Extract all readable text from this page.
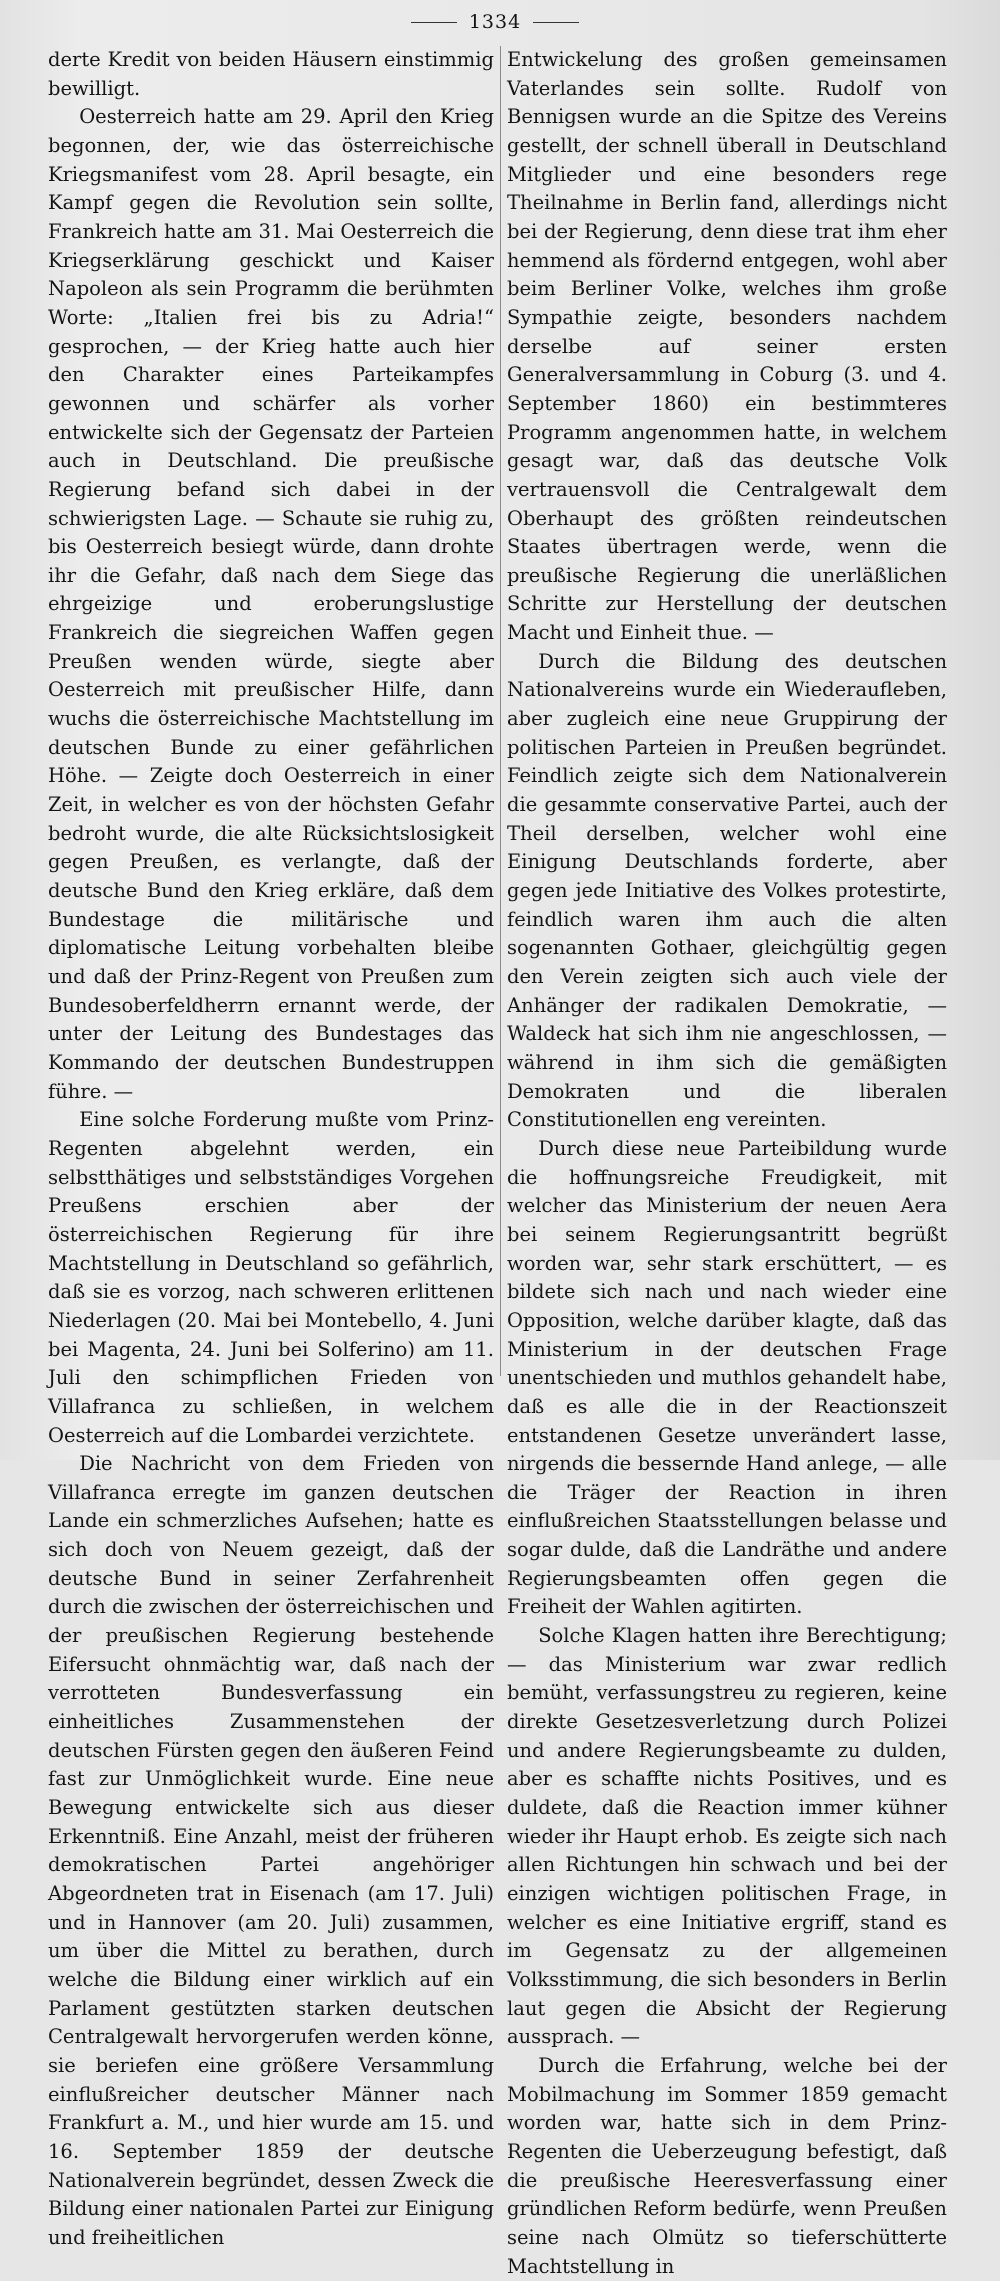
1334

derte Kredit von beiden Häusern einstimmig bewilligt.

Oesterreich hatte am 29. April den Krieg begonnen, der, wie das österreichische Kriegsmanifest vom 28. April besagte, ein Kampf gegen die Revolution sein sollte, Frankreich hatte am 31. Mai Oesterreich die Kriegserklärung geschickt und Kaiser Napoleon als sein Programm die berühmten Worte: „Italien frei bis zu Adria!“ gesprochen, — der Krieg hatte auch hier den Charakter eines Parteikampfes gewonnen und schärfer als vorher entwickelte sich der Gegensatz der Parteien auch in Deutschland. Die preußische Regierung befand sich dabei in der schwierigsten Lage. — Schaute sie ruhig zu, bis Oesterreich besiegt würde, dann drohte ihr die Gefahr, daß nach dem Siege das ehrgeizige und eroberungslustige Frankreich die siegreichen Waffen gegen Preußen wenden würde, siegte aber Oesterreich mit preußischer Hilfe, dann wuchs die österreichische Machtstellung im deutschen Bunde zu einer gefährlichen Höhe. — Zeigte doch Oesterreich in einer Zeit, in welcher es von der höchsten Gefahr bedroht wurde, die alte Rücksichtslosigkeit gegen Preußen, es verlangte, daß der deutsche Bund den Krieg erkläre, daß dem Bundestage die militärische und diplomatische Leitung vorbehalten bleibe und daß der Prinz-Regent von Preußen zum Bundesoberfeldherrn ernannt werde, der unter der Leitung des Bundestages das Kommando der deutschen Bundestruppen führe. —

Eine solche Forderung mußte vom Prinz-Regenten abgelehnt werden, ein selbstthätiges und selbstständiges Vorgehen Preußens erschien aber der österreichischen Regierung für ihre Machtstellung in Deutschland so gefährlich, daß sie es vorzog, nach schweren erlittenen Niederlagen (20. Mai bei Montebello, 4. Juni bei Magenta, 24. Juni bei Solferino) am 11. Juli den schimpflichen Frieden von Villafranca zu schließen, in welchem Oesterreich auf die Lombardei verzichtete.

Die Nachricht von dem Frieden von Villafranca erregte im ganzen deutschen Lande ein schmerzliches Aufsehen; hatte es sich doch von Neuem gezeigt, daß der deutsche Bund in seiner Zerfahrenheit durch die zwischen der österreichischen und der preußischen Regierung bestehende Eifersucht ohnmächtig war, daß nach der verrotteten Bundesverfassung ein einheitliches Zusammenstehen der deutschen Fürsten gegen den äußeren Feind fast zur Unmöglichkeit wurde. Eine neue Bewegung entwickelte sich aus dieser Erkenntniß. Eine Anzahl, meist der früheren demokratischen Partei angehöriger Abgeordneten trat in Eisenach (am 17. Juli) und in Hannover (am 20. Juli) zusammen, um über die Mittel zu berathen, durch welche die Bildung einer wirklich auf ein Parlament gestützten starken deutschen Centralgewalt hervorgerufen werden könne, sie beriefen eine größere Versammlung einflußreicher deutscher Männer nach Frankfurt a. M., und hier wurde am 15. und 16. September 1859 der deutsche Nationalverein begründet, dessen Zweck die Bildung einer nationalen Partei zur Einigung und freiheitlichen

Entwickelung des großen gemeinsamen Vaterlandes sein sollte. Rudolf von Bennigsen wurde an die Spitze des Vereins gestellt, der schnell überall in Deutschland Mitglieder und eine besonders rege Theilnahme in Berlin fand, allerdings nicht bei der Regierung, denn diese trat ihm eher hemmend als fördernd entgegen, wohl aber beim Berliner Volke, welches ihm große Sympathie zeigte, besonders nachdem derselbe auf seiner ersten Generalversammlung in Coburg (3. und 4. September 1860) ein bestimmteres Programm angenommen hatte, in welchem gesagt war, daß das deutsche Volk vertrauensvoll die Centralgewalt dem Oberhaupt des größten reindeutschen Staates übertragen werde, wenn die preußische Regierung die unerläßlichen Schritte zur Herstellung der deutschen Macht und Einheit thue. —

Durch die Bildung des deutschen Nationalvereins wurde ein Wiederaufleben, aber zugleich eine neue Gruppirung der politischen Parteien in Preußen begründet. Feindlich zeigte sich dem Nationalverein die gesammte conservative Partei, auch der Theil derselben, welcher wohl eine Einigung Deutschlands forderte, aber gegen jede Initiative des Volkes protestirte, feindlich waren ihm auch die alten sogenannten Gothaer, gleichgültig gegen den Verein zeigten sich auch viele der Anhänger der radikalen Demokratie, — Waldeck hat sich ihm nie angeschlossen, — während in ihm sich die gemäßigten Demokraten und die liberalen Constitutionellen eng vereinten.

Durch diese neue Parteibildung wurde die hoffnungsreiche Freudigkeit, mit welcher das Ministerium der neuen Aera bei seinem Regierungsantritt begrüßt worden war, sehr stark erschüttert, — es bildete sich nach und nach wieder eine Opposition, welche darüber klagte, daß das Ministerium in der deutschen Frage unentschieden und muthlos gehandelt habe, daß es alle die in der Reactionszeit entstandenen Gesetze unverändert lasse, nirgends die bessernde Hand anlege, — alle die Träger der Reaction in ihren einflußreichen Staatsstellungen belasse und sogar dulde, daß die Landräthe und andere Regierungsbeamten offen gegen die Freiheit der Wahlen agitirten.

Solche Klagen hatten ihre Berechtigung; — das Ministerium war zwar redlich bemüht, verfassungstreu zu regieren, keine direkte Gesetzesverletzung durch Polizei und andere Regierungsbeamte zu dulden, aber es schaffte nichts Positives, und es duldete, daß die Reaction immer kühner wieder ihr Haupt erhob. Es zeigte sich nach allen Richtungen hin schwach und bei der einzigen wichtigen politischen Frage, in welcher es eine Initiative ergriff, stand es im Gegensatz zu der allgemeinen Volksstimmung, die sich besonders in Berlin laut gegen die Absicht der Regierung aussprach. —

Durch die Erfahrung, welche bei der Mobilmachung im Sommer 1859 gemacht worden war, hatte sich in dem Prinz-Regenten die Ueberzeugung befestigt, daß die preußische Heeresverfassung einer gründlichen Reform bedürfe, wenn Preußen seine nach Olmütz so tieferschütterte Machtstellung in
